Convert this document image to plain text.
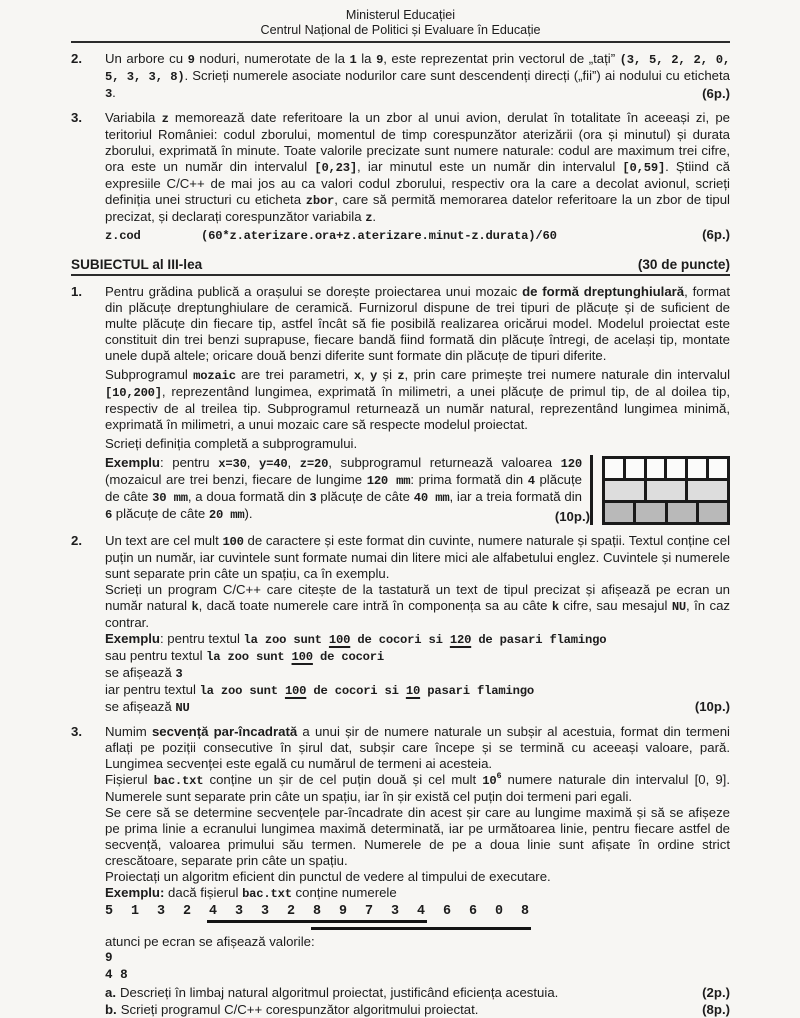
Ministerul Educației
Centrul Național de Politici și Evaluare în Educație
2.	Un arbore cu 9 noduri, numerotate de la 1 la 9, este reprezentat prin vectorul de „tați” (3, 5, 2, 2, 0, 5, 3, 3, 8). Scrieți numerele asociate nodurilor care sunt descendenți direcți („fii”) ai nodului cu eticheta 3.	(6p.)
3.	Variabila z memorează date referitoare la un zbor al unui avion, derulat în totalitate în aceeași zi, pe teritoriul României: codul zborului, momentul de timp corespunzător aterizării (ora și minutul) și durata zborului, exprimată în minute. Toate valorile precizate sunt numere naturale: codul are maximum trei cifre, ora este un număr din intervalul [0,23], iar minutul este un număr din intervalul [0,59]. Știind că expresiile C/C++ de mai jos au ca valori codul zborului, respectiv ora la care a decolat avionul, scrieți definiția unei structuri cu eticheta zbor, care să permită memorarea datelor referitoare la un zbor de tipul precizat, și declarați corespunzător variabila z.

z.cod	(60*z.aterizare.ora+z.aterizare.minut-z.durata)/60	(6p.)
SUBIECTUL al III-lea	(30 de puncte)
1.	Pentru grădina publică a orașului se dorește proiectarea unui mozaic de formă dreptunghiulară, format din plăcuțe dreptunghiulare de ceramică. Furnizorul dispune de trei tipuri de plăcuțe și de suficient de multe plăcuțe din fiecare tip, astfel încât să fie posibilă realizarea oricărui model. Modelul proiectat este constituit din trei benzi suprapuse, fiecare bandă fiind formată din plăcuțe întregi, de același tip, montate unele după altele; oricare două benzi diferite sunt formate din plăcuțe de tipuri diferite.

Subprogramul mozaic are trei parametri, x, y și z, prin care primește trei numere naturale din intervalul [10,200], reprezentând lungimea, exprimată în milimetri, a unei plăcuțe de primul tip, de al doilea tip, respectiv de al treilea tip. Subprogramul returnează un număr natural, reprezentând lungimea minimă, exprimată în milimetri, a unui mozaic care să respecte modelul proiectat.

Scrieți definiția completă a subprogramului.

Exemplu: pentru x=30, y=40, z=20, subprogramul returnează valoarea 120 (mozaicul are trei benzi, fiecare de lungime 120 mm: prima formată din 4 plăcuțe de câte 30 mm, a doua formată din 3 plăcuțe de câte 40 mm, iar a treia formată din 6 plăcuțe de câte 20 mm).	(10p.)
2.	Un text are cel mult 100 de caractere și este format din cuvinte, numere naturale și spații. Textul conține cel puțin un număr, iar cuvintele sunt formate numai din litere mici ale alfabetului englez. Cuvintele și numerele sunt separate prin câte un spațiu, ca în exemplu.

Scrieți un program C/C++ care citește de la tastatură un text de tipul precizat și afișează pe ecran un număr natural k, dacă toate numerele care intră în componența sa au câte k cifre, sau mesajul NU, în caz contrar.

Exemplu: pentru textul la zoo sunt 100 de cocori si 120 de pasari flamingo

sau pentru textul la zoo sunt 100 de cocori

se afișează 3

iar pentru textul la zoo sunt 100 de cocori si 10 pasari flamingo

se afișează NU	(10p.)
3.	Numim secvență par-încadrată a unui șir de numere naturale un subșir al acestuia, format din termeni aflați pe poziții consecutive în șirul dat, subșir care începe și se termină cu aceeași valoare, pară. Lungimea secvenței este egală cu numărul de termeni ai acesteia.

Fișierul bac.txt conține un șir de cel puțin două și cel mult $10^6$ numere naturale din intervalul [0, 9]. Numerele sunt separate prin câte un spațiu, iar în șir există cel puțin doi termeni pari egali.

Se cere să se determine secvențele par-încadrate din acest șir care au lungime maximă și să se afișeze pe prima linie a ecranului lungimea maximă determinată, iar pe următoarea linie, pentru fiecare astfel de secvență, valoarea primului său termen. Numerele de pe a doua linie sunt afișate în ordine strict crescătoare, separate prin câte un spațiu.

Proiectați un algoritm eficient din punctul de vedere al timpului de executare.

Exemplu: dacă fișierul bac.txt conține numerele

5 1 3 2 4 3 3 2 8 9 7 3 4 6 6 0 8

atunci pe ecran se afișează valorile:

9

4 8

a. Descrieți în limbaj natural algoritmul proiectat, justificând eficiența acestuia.	(2p.)
b. Scrieți programul C/C++ corespunzător algoritmului proiectat.	(8p.)
